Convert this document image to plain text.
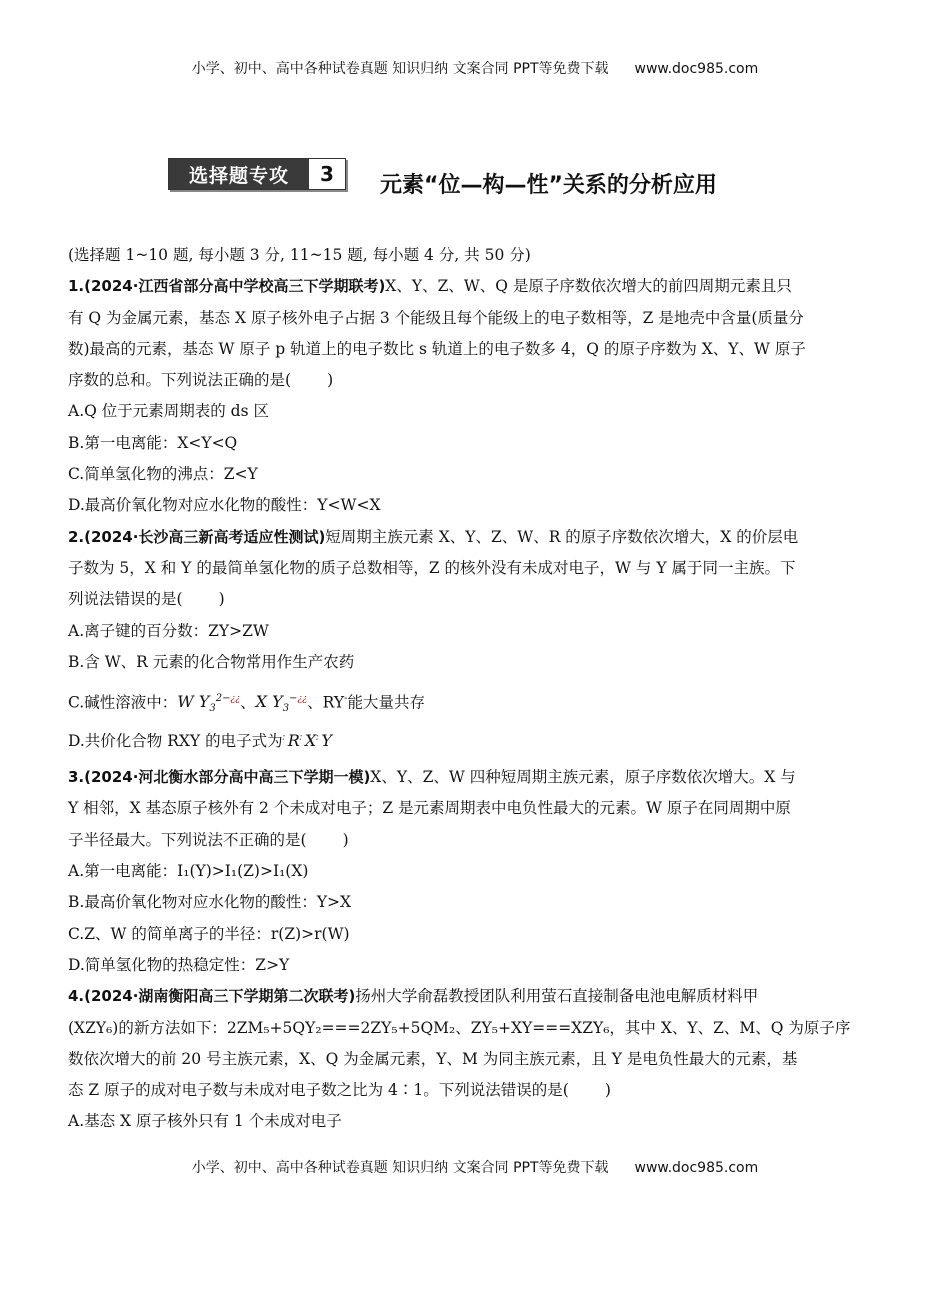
小学、初中、高中各种试卷真题 知识归纳 文案合同 PPT等免费下载 www.doc985.com
选择题专攻	3	元素“位—构—性”关系的分析应用
(选择题 1~10 题, 每小题 3 分, 11~15 题, 每小题 4 分, 共 50 分)
1.(2024·江西省部分高中学校高三下学期联考)X、Y、Z、W、Q 是原子序数依次增大的前四周期元素且只
有 Q 为金属元素，基态 X 原子核外电子占据 3 个能级且每个能级上的电子数相等，Z 是地壳中含量(质量分
数)最高的元素，基态 W 原子 p 轨道上的电子数比 s 轨道上的电子数多 4，Q 的原子序数为 X、Y、W 原子
序数的总和。下列说法正确的是( )
A.Q 位于元素周期表的 ds 区
B.第一电离能：X<Y<Q
C.简单氢化物的沸点：Z<Y
D.最高价氧化物对应水化物的酸性：Y<W<X
2.(2024·长沙高三新高考适应性测试)短周期主族元素 X、Y、Z、W、R 的原子序数依次增大，X 的价层电
子数为 5，X 和 Y 的最简单氢化物的质子总数相等，Z 的核外没有未成对电子，W 与 Y 属于同一主族。下
列说法错误的是( )
A.离子键的百分数：ZY>ZW
B.含 W、R 元素的化合物常用作生产农药
C.碱性溶液中：W $Y_3^{2-¿¿}$、X $Y_3^{-¿¿}$、RY-能大量共存
D.共价化合物 RXY 的电子式为 : R : X : Y
3.(2024·河北衡水部分高中高三下学期一模)X、Y、Z、W 四种短周期主族元素，原子序数依次增大。X 与
Y 相邻，X 基态原子核外有 2 个未成对电子；Z 是元素周期表中电负性最大的元素。W 原子在同周期中原
子半径最大。下列说法不正确的是( )
A.第一电离能：I₁(Y)>I₁(Z)>I₁(X)
B.最高价氧化物对应水化物的酸性：Y>X
C.Z、W 的简单离子的半径：r(Z)>r(W)
D.简单氢化物的热稳定性：Z>Y
4.(2024·湖南衡阳高三下学期第二次联考)扬州大学俞磊教授团队利用萤石直接制备电池电解质材料甲
(XZY₆)的新方法如下：2ZM₅+5QY₂===2ZY₅+5QM₂、ZY₅+XY===XZY₆，其中 X、Y、Z、M、Q 为原子序
数依次增大的前 20 号主族元素，X、Q 为金属元素，Y、M 为同主族元素，且 Y 是电负性最大的元素，基
态 Z 原子的成对电子数与未成对电子数之比为 4∶1。下列说法错误的是( )
A.基态 X 原子核外只有 1 个未成对电子
小学、初中、高中各种试卷真题 知识归纳 文案合同 PPT等免费下载 www.doc985.com
